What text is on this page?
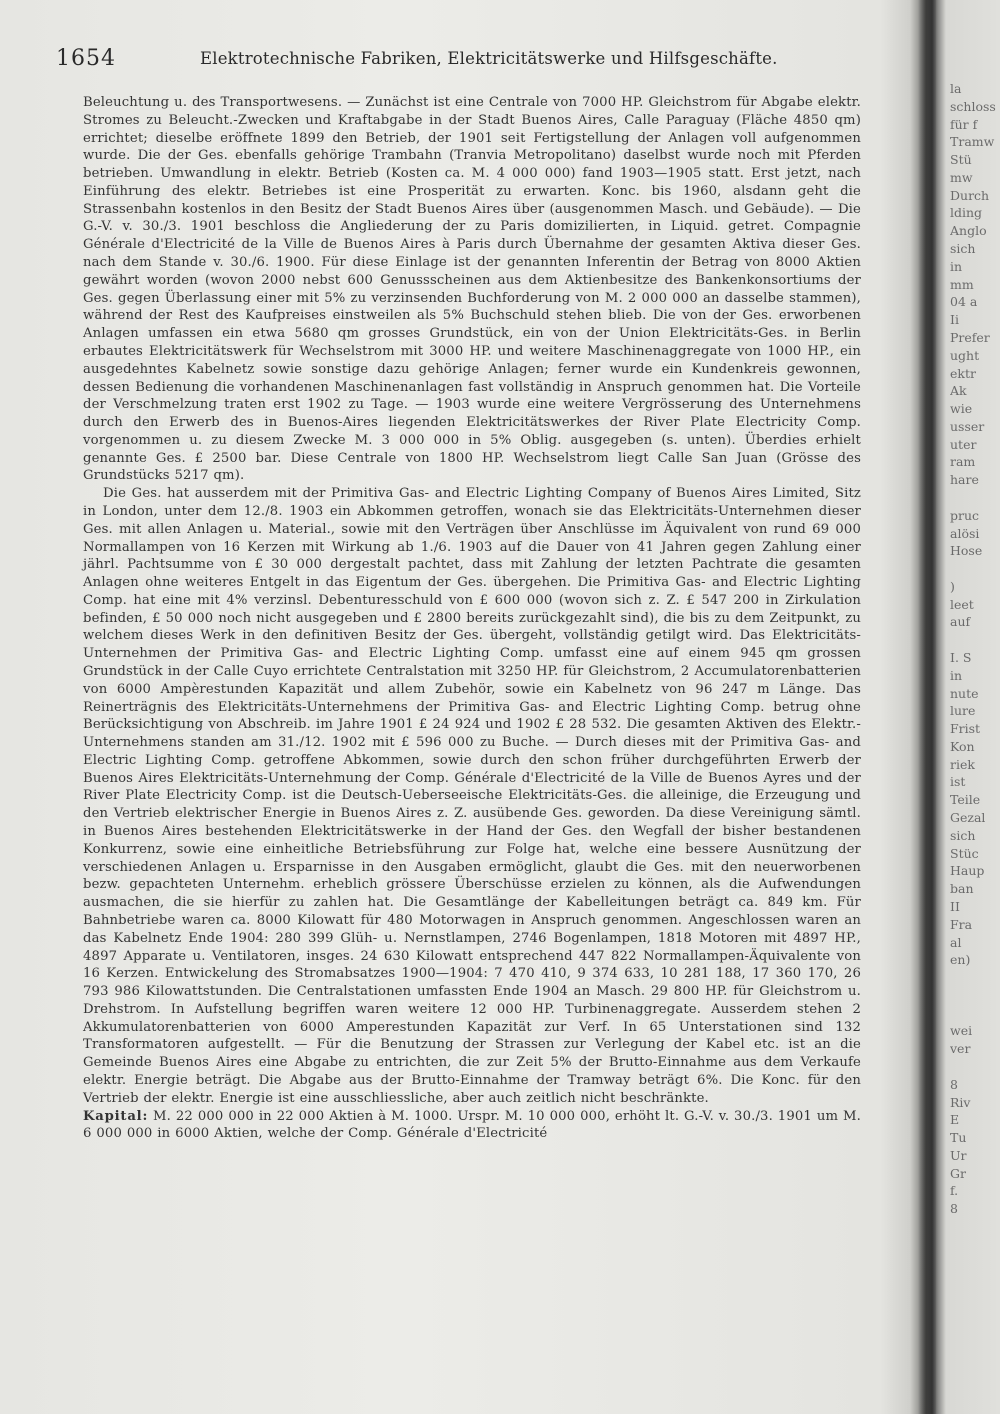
1654	Elektrotechnische Fabriken, Elektricitätswerke und Hilfsgeschäfte.

Beleuchtung u. des Transportwesens. — Zunächst ist eine Centrale von 7000 HP. Gleichstrom für Abgabe elektr. Stromes zu Beleucht.-Zwecken und Kraftabgabe in der Stadt Buenos Aires, Calle Paraguay (Fläche 4850 qm) errichtet; dieselbe eröffnete 1899 den Betrieb, der 1901 seit Fertigstellung der Anlagen voll aufgenommen wurde. Die der Ges. ebenfalls gehörige Trambahn (Tranvia Metropolitano) daselbst wurde noch mit Pferden betrieben. Umwandlung in elektr. Betrieb (Kosten ca. M. 4 000 000) fand 1903—1905 statt. Erst jetzt, nach Einführung des elektr. Betriebes ist eine Prosperität zu erwarten. Konc. bis 1960, alsdann geht die Strassenbahn kostenlos in den Besitz der Stadt Buenos Aires über (ausgenommen Masch. und Gebäude). — Die G.-V. v. 30./3. 1901 beschloss die Angliederung der zu Paris domizilierten, in Liquid. getret. Compagnie Générale d'Electricité de la Ville de Buenos Aires à Paris durch Übernahme der gesamten Aktiva dieser Ges. nach dem Stande v. 30./6. 1900. Für diese Einlage ist der genannten Inferentin der Betrag von 8000 Aktien gewährt worden (wovon 2000 nebst 600 Genussscheinen aus dem Aktienbesitze des Bankenkonsortiums der Ges. gegen Überlassung einer mit 5% zu verzinsenden Buchforderung von M. 2 000 000 an dasselbe stammen), während der Rest des Kaufpreises einstweilen als 5% Buchschuld stehen blieb. Die von der Ges. erworbenen Anlagen umfassen ein etwa 5680 qm grosses Grundstück, ein von der Union Elektricitäts-Ges. in Berlin erbautes Elektricitätswerk für Wechselstrom mit 3000 HP. und weitere Maschinenaggregate von 1000 HP., ein ausgedehntes Kabelnetz sowie sonstige dazu gehörige Anlagen; ferner wurde ein Kundenkreis gewonnen, dessen Bedienung die vorhandenen Maschinenanlagen fast vollständig in Anspruch genommen hat. Die Vorteile der Verschmelzung traten erst 1902 zu Tage. — 1903 wurde eine weitere Vergrösserung des Unternehmens durch den Erwerb des in Buenos-Aires liegenden Elektricitätswerkes der River Plate Electricity Comp. vorgenommen u. zu diesem Zwecke M. 3 000 000 in 5% Oblig. ausgegeben (s. unten). Überdies erhielt genannte Ges. £ 2500 bar. Diese Centrale von 1800 HP. Wechselstrom liegt Calle San Juan (Grösse des Grundstücks 5217 qm).

Die Ges. hat ausserdem mit der Primitiva Gas- and Electric Lighting Company of Buenos Aires Limited, Sitz in London, unter dem 12./8. 1903 ein Abkommen getroffen, wonach sie das Elektricitäts-Unternehmen dieser Ges. mit allen Anlagen u. Material., sowie mit den Verträgen über Anschlüsse im Äquivalent von rund 69 000 Normallampen von 16 Kerzen mit Wirkung ab 1./6. 1903 auf die Dauer von 41 Jahren gegen Zahlung einer jährl. Pachtsumme von £ 30 000 dergestalt pachtet, dass mit Zahlung der letzten Pachtrate die gesamten Anlagen ohne weiteres Entgelt in das Eigentum der Ges. übergehen. Die Primitiva Gas- and Electric Lighting Comp. hat eine mit 4% verzinsl. Debenturesschuld von £ 600 000 (wovon sich z. Z. £ 547 200 in Zirkulation befinden, £ 50 000 noch nicht ausgegeben und £ 2800 bereits zurückgezahlt sind), die bis zu dem Zeitpunkt, zu welchem dieses Werk in den definitiven Besitz der Ges. übergeht, vollständig getilgt wird. Das Elektricitäts-Unternehmen der Primitiva Gas- and Electric Lighting Comp. umfasst eine auf einem 945 qm grossen Grundstück in der Calle Cuyo errichtete Centralstation mit 3250 HP. für Gleichstrom, 2 Accumulatorenbatterien von 6000 Ampèrestunden Kapazität und allem Zubehör, sowie ein Kabelnetz von 96 247 m Länge. Das Reinerträgnis des Elektricitäts-Unternehmens der Primitiva Gas- and Electric Lighting Comp. betrug ohne Berücksichtigung von Abschreib. im Jahre 1901 £ 24 924 und 1902 £ 28 532. Die gesamten Aktiven des Elektr.-Unternehmens standen am 31./12. 1902 mit £ 596 000 zu Buche. — Durch dieses mit der Primitiva Gas- and Electric Lighting Comp. getroffene Abkommen, sowie durch den schon früher durchgeführten Erwerb der Buenos Aires Elektricitäts-Unternehmung der Comp. Générale d'Electricité de la Ville de Buenos Ayres und der River Plate Electricity Comp. ist die Deutsch-Ueberseeische Elektricitäts-Ges. die alleinige, die Erzeugung und den Vertrieb elektrischer Energie in Buenos Aires z. Z. ausübende Ges. geworden. Da diese Vereinigung sämtl. in Buenos Aires bestehenden Elektricitätswerke in der Hand der Ges. den Wegfall der bisher bestandenen Konkurrenz, sowie eine einheitliche Betriebsführung zur Folge hat, welche eine bessere Ausnützung der verschiedenen Anlagen u. Ersparnisse in den Ausgaben ermöglicht, glaubt die Ges. mit den neuerworbenen bezw. gepachteten Unternehm. erheblich grössere Überschüsse erzielen zu können, als die Aufwendungen ausmachen, die sie hierfür zu zahlen hat. Die Gesamtlänge der Kabelleitungen beträgt ca. 849 km. Für Bahnbetriebe waren ca. 8000 Kilowatt für 480 Motorwagen in Anspruch genommen. Angeschlossen waren an das Kabelnetz Ende 1904: 280 399 Glüh- u. Nernstlampen, 2746 Bogenlampen, 1818 Motoren mit 4897 HP., 4897 Apparate u. Ventilatoren, insges. 24 630 Kilowatt entsprechend 447 822 Normallampen-Äquivalente von 16 Kerzen. Entwickelung des Stromabsatzes 1900—1904: 7 470 410, 9 374 633, 10 281 188, 17 360 170, 26 793 986 Kilowattstunden. Die Centralstationen umfassten Ende 1904 an Masch. 29 800 HP. für Gleichstrom u. Drehstrom. In Aufstellung begriffen waren weitere 12 000 HP. Turbinenaggregate. Ausserdem stehen 2 Akkumulatorenbatterien von 6000 Amperestunden Kapazität zur Verf. In 65 Unterstationen sind 132 Transformatoren aufgestellt. — Für die Benutzung der Strassen zur Verlegung der Kabel etc. ist an die Gemeinde Buenos Aires eine Abgabe zu entrichten, die zur Zeit 5% der Brutto-Einnahme aus dem Verkaufe elektr. Energie beträgt. Die Abgabe aus der Brutto-Einnahme der Tramway beträgt 6%. Die Konc. für den Vertrieb der elektr. Energie ist eine ausschliessliche, aber auch zeitlich nicht beschränkte.

Kapital: M. 22 000 000 in 22 000 Aktien à M. 1000. Urspr. M. 10 000 000, erhöht lt. G.-V. v. 30./3. 1901 um M. 6 000 000 in 6000 Aktien, welche der Comp. Générale d'Electricité

la
schloss
für f
Tramw
Stü
mw
Durch
lding
Anglo
sich
in
mm
04 a
Ii
Prefer
ught
ektr
Ak
wie
usser
uter
ram
hare

pruc
alösi
Hose

)
leet
auf

I. S
in
nute
lure
Frist
Kon
riek
ist
Teile
Gezal
sich
Stüc
Haup
ban
II
Fra
al
en)

wei
ver

8
Riv
E
Tu
Ur
Gr
f.
8
